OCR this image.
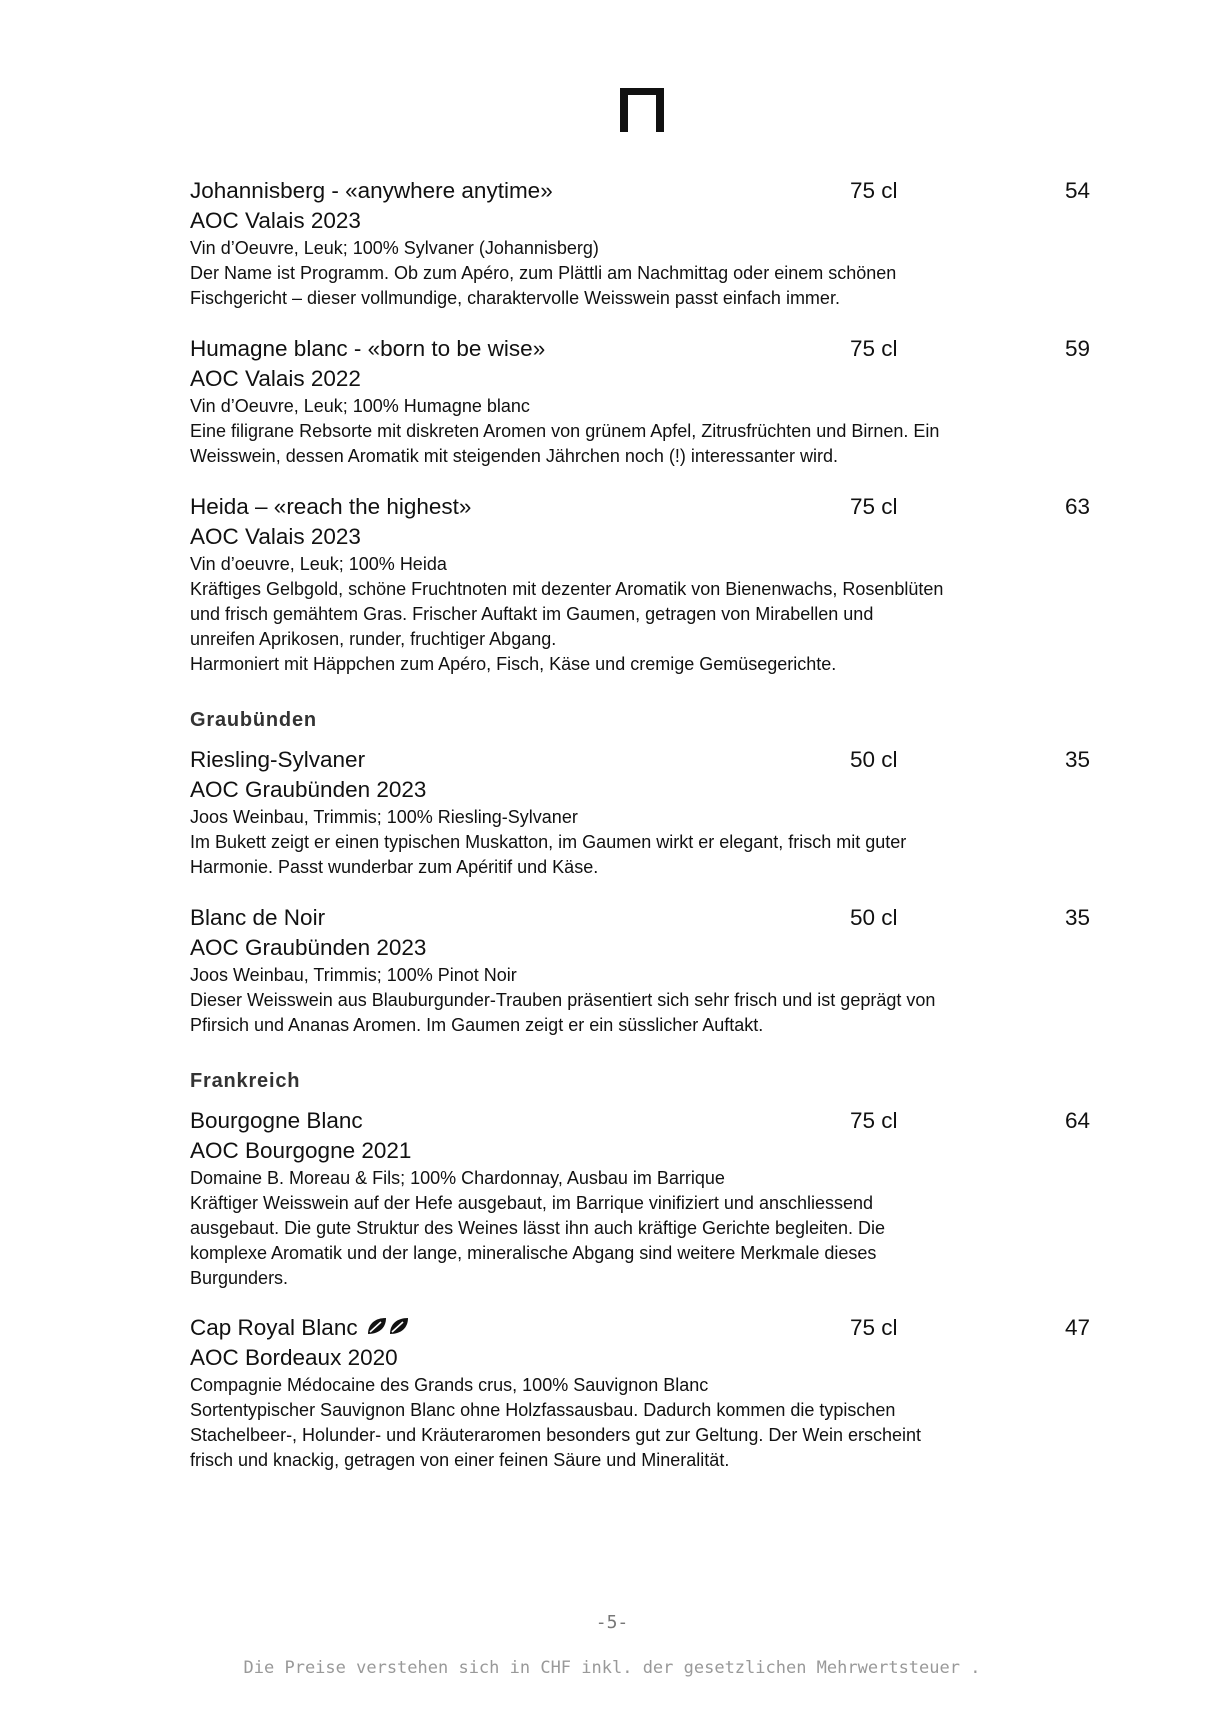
Johannisberg - «anywhere anytime»	75 cl	54
AOC Valais 2023
Vin d’Oeuvre, Leuk; 100% Sylvaner (Johannisberg)

Der Name ist Programm. Ob zum Apéro, zum Plättli am Nachmittag oder einem schönen

Fischgericht – dieser vollmundige, charaktervolle Weisswein passt einfach immer.

Humagne blanc - «born to be wise»	75 cl	59
AOC Valais 2022
Vin d’Oeuvre, Leuk; 100% Humagne blanc

Eine filigrane Rebsorte mit diskreten Aromen von grünem Apfel, Zitrusfrüchten und Birnen. Ein

Weisswein, dessen Aromatik mit steigenden Jährchen noch (!) interessanter wird.

Heida – «reach the highest»	75 cl	63
AOC Valais 2023
Vin d’oeuvre, Leuk; 100% Heida

Kräftiges Gelbgold, schöne Fruchtnoten mit dezenter Aromatik von Bienenwachs, Rosenblüten

und frisch gemähtem Gras. Frischer Auftakt im Gaumen, getragen von Mirabellen und

unreifen Aprikosen, runder, fruchtiger Abgang.

Harmoniert mit Häppchen zum Apéro, Fisch, Käse und cremige Gemüsegerichte.

Graubünden
Riesling-Sylvaner	50 cl	35
AOC Graubünden 2023
Joos Weinbau, Trimmis; 100% Riesling-Sylvaner

Im Bukett zeigt er einen typischen Muskatton, im Gaumen wirkt er elegant, frisch mit guter

Harmonie. Passt wunderbar zum Apéritif und Käse.

Blanc de Noir	50 cl	35
AOC Graubünden 2023
Joos Weinbau, Trimmis; 100% Pinot Noir

Dieser Weisswein aus Blauburgunder-Trauben präsentiert sich sehr frisch und ist geprägt von

Pfirsich und Ananas Aromen. Im Gaumen zeigt er ein süsslicher Auftakt.

Frankreich
Bourgogne Blanc	75 cl	64
AOC Bourgogne 2021
Domaine B. Moreau & Fils; 100% Chardonnay, Ausbau im Barrique

Kräftiger Weisswein auf der Hefe ausgebaut, im Barrique vinifiziert und anschliessend

ausgebaut. Die gute Struktur des Weines lässt ihn auch kräftige Gerichte begleiten. Die

komplexe Aromatik und der lange, mineralische Abgang sind weitere Merkmale dieses

Burgunders.

Cap Royal Blanc	75 cl	47
AOC Bordeaux 2020
Compagnie Médocaine des Grands crus, 100% Sauvignon Blanc

Sortentypischer Sauvignon Blanc ohne Holzfassausbau. Dadurch kommen die typischen

Stachelbeer-, Holunder- und Kräuteraromen besonders gut zur Geltung. Der Wein erscheint

frisch und knackig, getragen von einer feinen Säure und Mineralität.

-5-
Die Preise verstehen sich in CHF inkl. der gesetzlichen Mehrwertsteuer .
